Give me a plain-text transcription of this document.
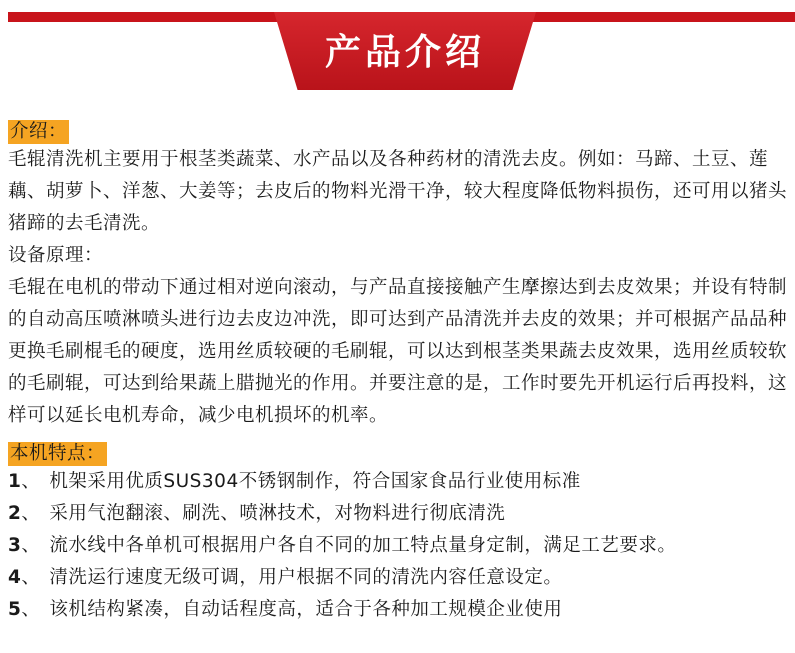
产品介绍
介绍：

毛辊清洗机主要用于根茎类蔬菜、水产品以及各种药材的清洗去皮。例如：马蹄、土豆、莲藕、胡萝卜、洋葱、大姜等；去皮后的物料光滑干净，较大程度降低物料损伤，还可用以猪头猪蹄的去毛清洗。

设备原理：

毛辊在电机的带动下通过相对逆向滚动，与产品直接接触产生摩擦达到去皮效果；并设有特制的自动高压喷淋喷头进行边去皮边冲洗，即可达到产品清洗并去皮的效果；并可根据产品品种更换毛刷棍毛的硬度，选用丝质较硬的毛刷辊，可以达到根茎类果蔬去皮效果，选用丝质较软的毛刷辊，可达到给果蔬上腊抛光的作用。并要注意的是，工作时要先开机运行后再投料，这样可以延长电机寿命，减少电机损坏的机率。

本机特点：
1、 机架采用优质SUS304不锈钢制作，符合国家食品行业使用标准
2、 采用气泡翻滚、刷洗、喷淋技术，对物料进行彻底清洗
3、 流水线中各单机可根据用户各自不同的加工特点量身定制，满足工艺要求。
4、 清洗运行速度无级可调，用户根据不同的清洗内容任意设定。
5、 该机结构紧凑，自动话程度高，适合于各种加工规模企业使用
